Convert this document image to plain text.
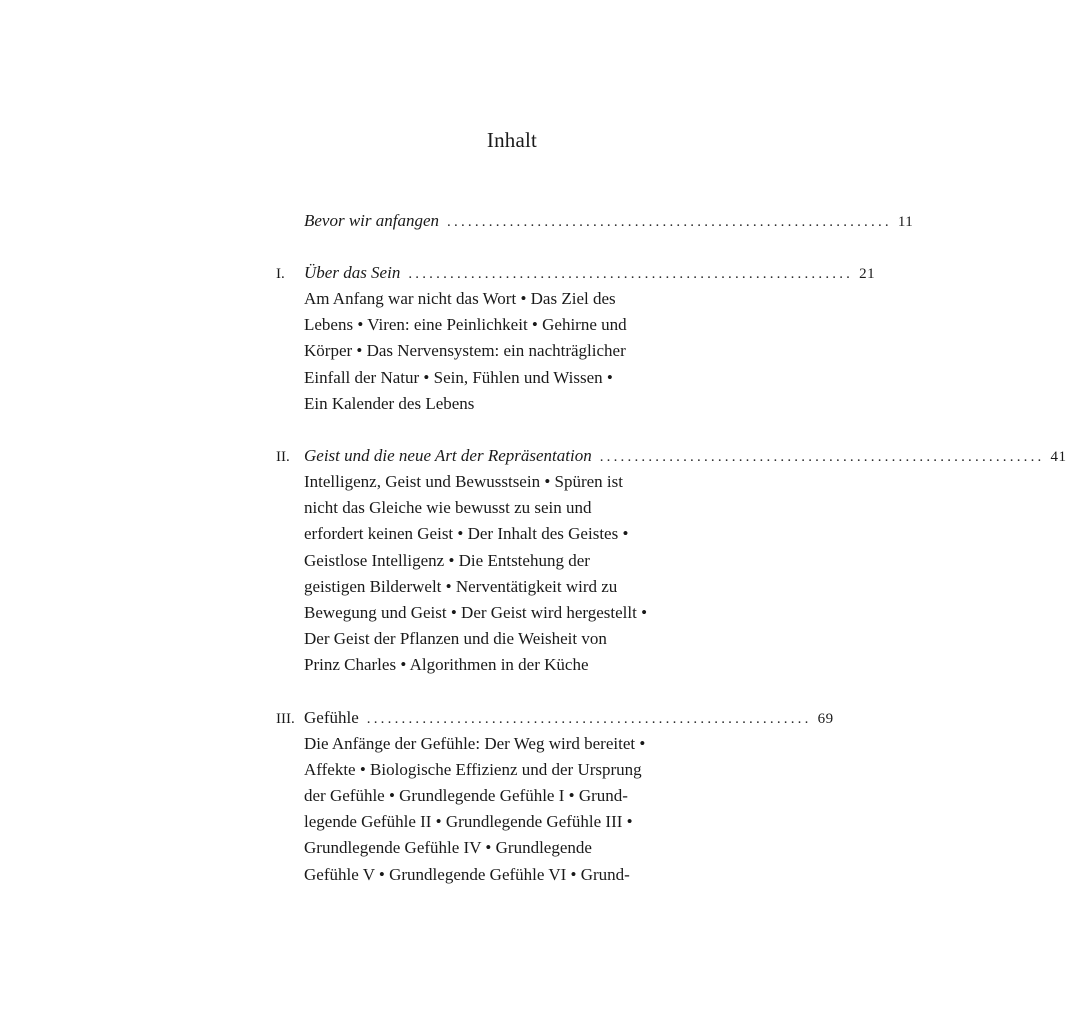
Inhalt
Bevor wir anfangen ................................................................ 11
I.	Über das Sein ................................................................ 21
Am Anfang war nicht das Wort • Das Ziel des
Lebens • Viren: eine Peinlichkeit • Gehirne und
Körper • Das Nervensystem: ein nachträglicher
Einfall der Natur • Sein, Fühlen und Wissen •
Ein Kalender des Lebens
II. Geist und die neue Art der Repräsentation ................................................................ 41
Intelligenz, Geist und Bewusstsein • Spüren ist
nicht das Gleiche wie bewusst zu sein und
erfordert keinen Geist • Der Inhalt des Geistes •
Geistlose Intelligenz • Die Entstehung der
geistigen Bilderwelt • Nerventätigkeit wird zu
Bewegung und Geist • Der Geist wird hergestellt •
Der Geist der Pflanzen und die Weisheit von
Prinz Charles • Algorithmen in der Küche
III. Gefühle ................................................................ 69
Die Anfänge der Gefühle: Der Weg wird bereitet •
Affekte • Biologische Effizienz und der Ursprung
der Gefühle • Grundlegende Gefühle I • Grund-
legende Gefühle II • Grundlegende Gefühle III •
Grundlegende Gefühle IV • Grundlegende
Gefühle V • Grundlegende Gefühle VI • Grund-
